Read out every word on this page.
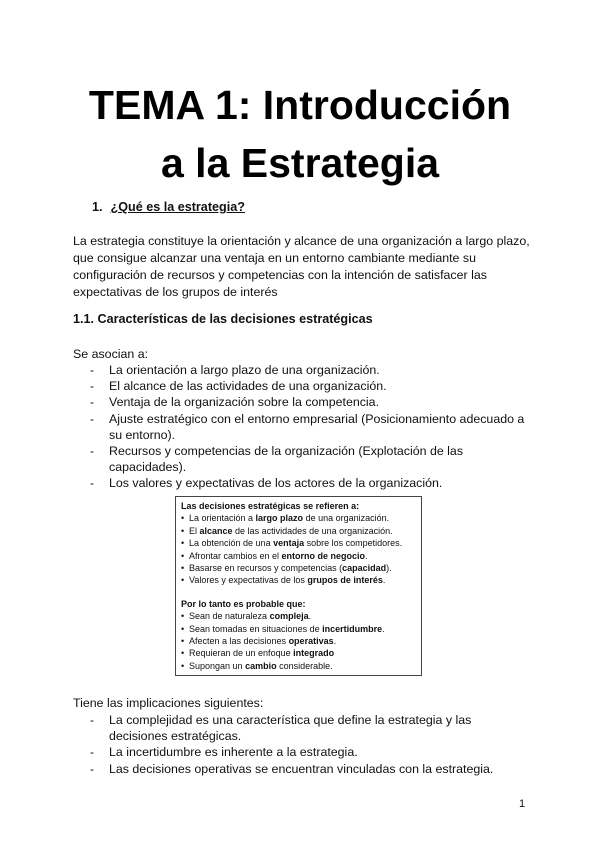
TEMA 1: Introducción
a la Estrategia
1. ¿Qué es la estrategia?
La estrategia constituye la orientación y alcance de una organización a largo plazo,
que consigue alcanzar una ventaja en un entorno cambiante mediante su
configuración de recursos y competencias con la intención de satisfacer las
expectativas de los grupos de interés
1.1. Características de las decisiones estratégicas
Se asocian a:
- La orientación a largo plazo de una organización.
- El alcance de las actividades de una organización.
- Ventaja de la organización sobre la competencia.
- Ajuste estratégico con el entorno empresarial (Posicionamiento adecuado a su entorno).
- Recursos y competencias de la organización (Explotación de las capacidades).
- Los valores y expectativas de los actores de la organización.
Las decisiones estratégicas se refieren a:
• La orientación a largo plazo de una organización.
• El alcance de las actividades de una organización.
• La obtención de una ventaja sobre los competidores.
• Afrontar cambios en el entorno de negocio.
• Basarse en recursos y competencias (capacidad).
• Valores y expectativas de los grupos de interés.
Por lo tanto es probable que:
• Sean de naturaleza compleja.
• Sean tomadas en situaciones de incertidumbre.
• Afecten a las decisiones operativas.
• Requieran de un enfoque integrado
• Supongan un cambio considerable.
Tiene las implicaciones siguientes:
- La complejidad es una característica que define la estrategia y las decisiones estratégicas.
- La incertidumbre es inherente a la estrategia.
- Las decisiones operativas se encuentran vinculadas con la estrategia.
1
